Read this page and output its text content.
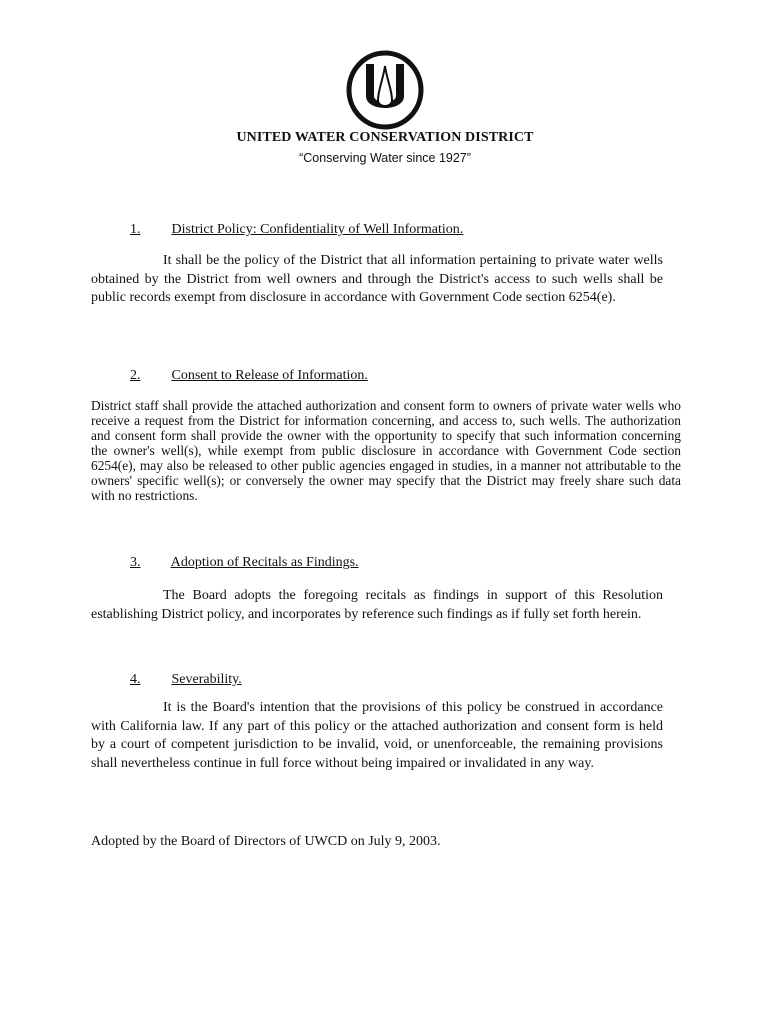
UNITED WATER CONSERVATION DISTRICT
“Conserving Water since 1927”
1. District Policy: Confidentiality of Well Information.

It shall be the policy of the District that all information pertaining to private water wells obtained by the District from well owners and through the District's access to such wells shall be public records exempt from disclosure in accordance with Government Code section 6254(e).

2. Consent to Release of Information.

District staff shall provide the attached authorization and consent form to owners of private water wells who receive a request from the District for information concerning, and access to, such wells. The authorization and consent form shall provide the owner with the opportunity to specify that such information concerning the owner's well(s), while exempt from public disclosure in accordance with Government Code section 6254(e), may also be released to other public agencies engaged in studies, in a manner not attributable to the owners' specific well(s); or conversely the owner may specify that the District may freely share such data with no restrictions.

3. Adoption of Recitals as Findings.

The Board adopts the foregoing recitals as findings in support of this Resolution establishing District policy, and incorporates by reference such findings as if fully set forth herein.

4. Severability.

It is the Board's intention that the provisions of this policy be construed in accordance with California law. If any part of this policy or the attached authorization and consent form is held by a court of competent jurisdiction to be invalid, void, or unenforceable, the remaining provisions shall nevertheless continue in full force without being impaired or invalidated in any way.

Adopted by the Board of Directors of UWCD on July 9, 2003.
